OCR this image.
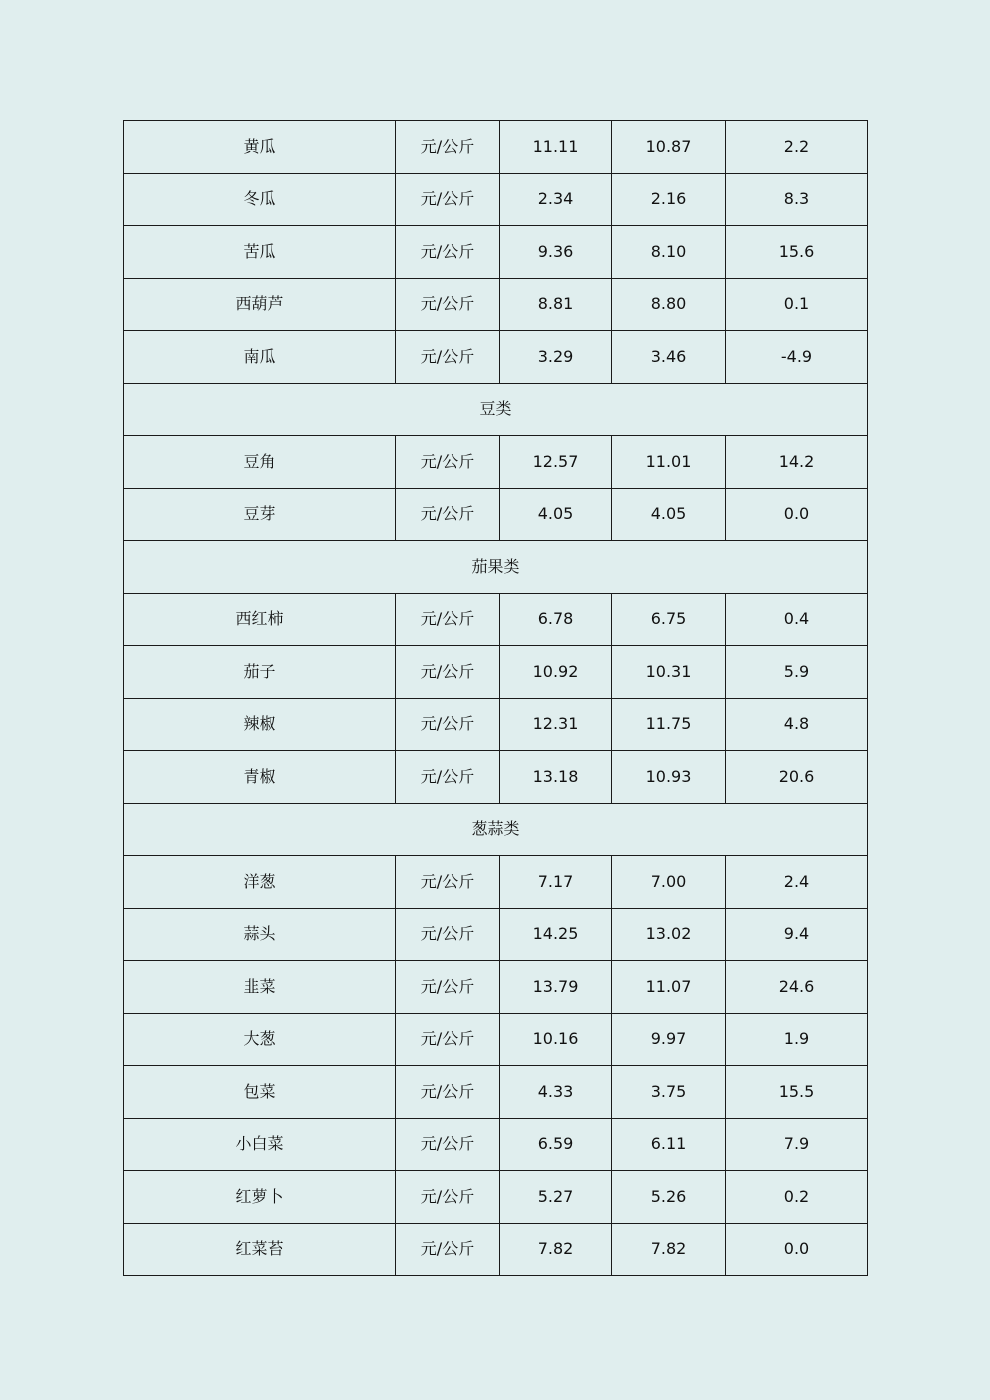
黄瓜	元/公斤	11.11	10.87	2.2
冬瓜	元/公斤	2.34	2.16	8.3
苦瓜	元/公斤	9.36	8.10	15.6
西葫芦	元/公斤	8.81	8.80	0.1
南瓜	元/公斤	3.29	3.46	-4.9
豆类				
豆角	元/公斤	12.57	11.01	14.2
豆芽	元/公斤	4.05	4.05	0.0
茄果类				
西红柿	元/公斤	6.78	6.75	0.4
茄子	元/公斤	10.92	10.31	5.9
辣椒	元/公斤	12.31	11.75	4.8
青椒	元/公斤	13.18	10.93	20.6
葱蒜类				
洋葱	元/公斤	7.17	7.00	2.4
蒜头	元/公斤	14.25	13.02	9.4
韭菜	元/公斤	13.79	11.07	24.6
大葱	元/公斤	10.16	9.97	1.9
包菜	元/公斤	4.33	3.75	15.5
小白菜	元/公斤	6.59	6.11	7.9
红萝卜	元/公斤	5.27	5.26	0.2
红菜苔	元/公斤	7.82	7.82	0.0
